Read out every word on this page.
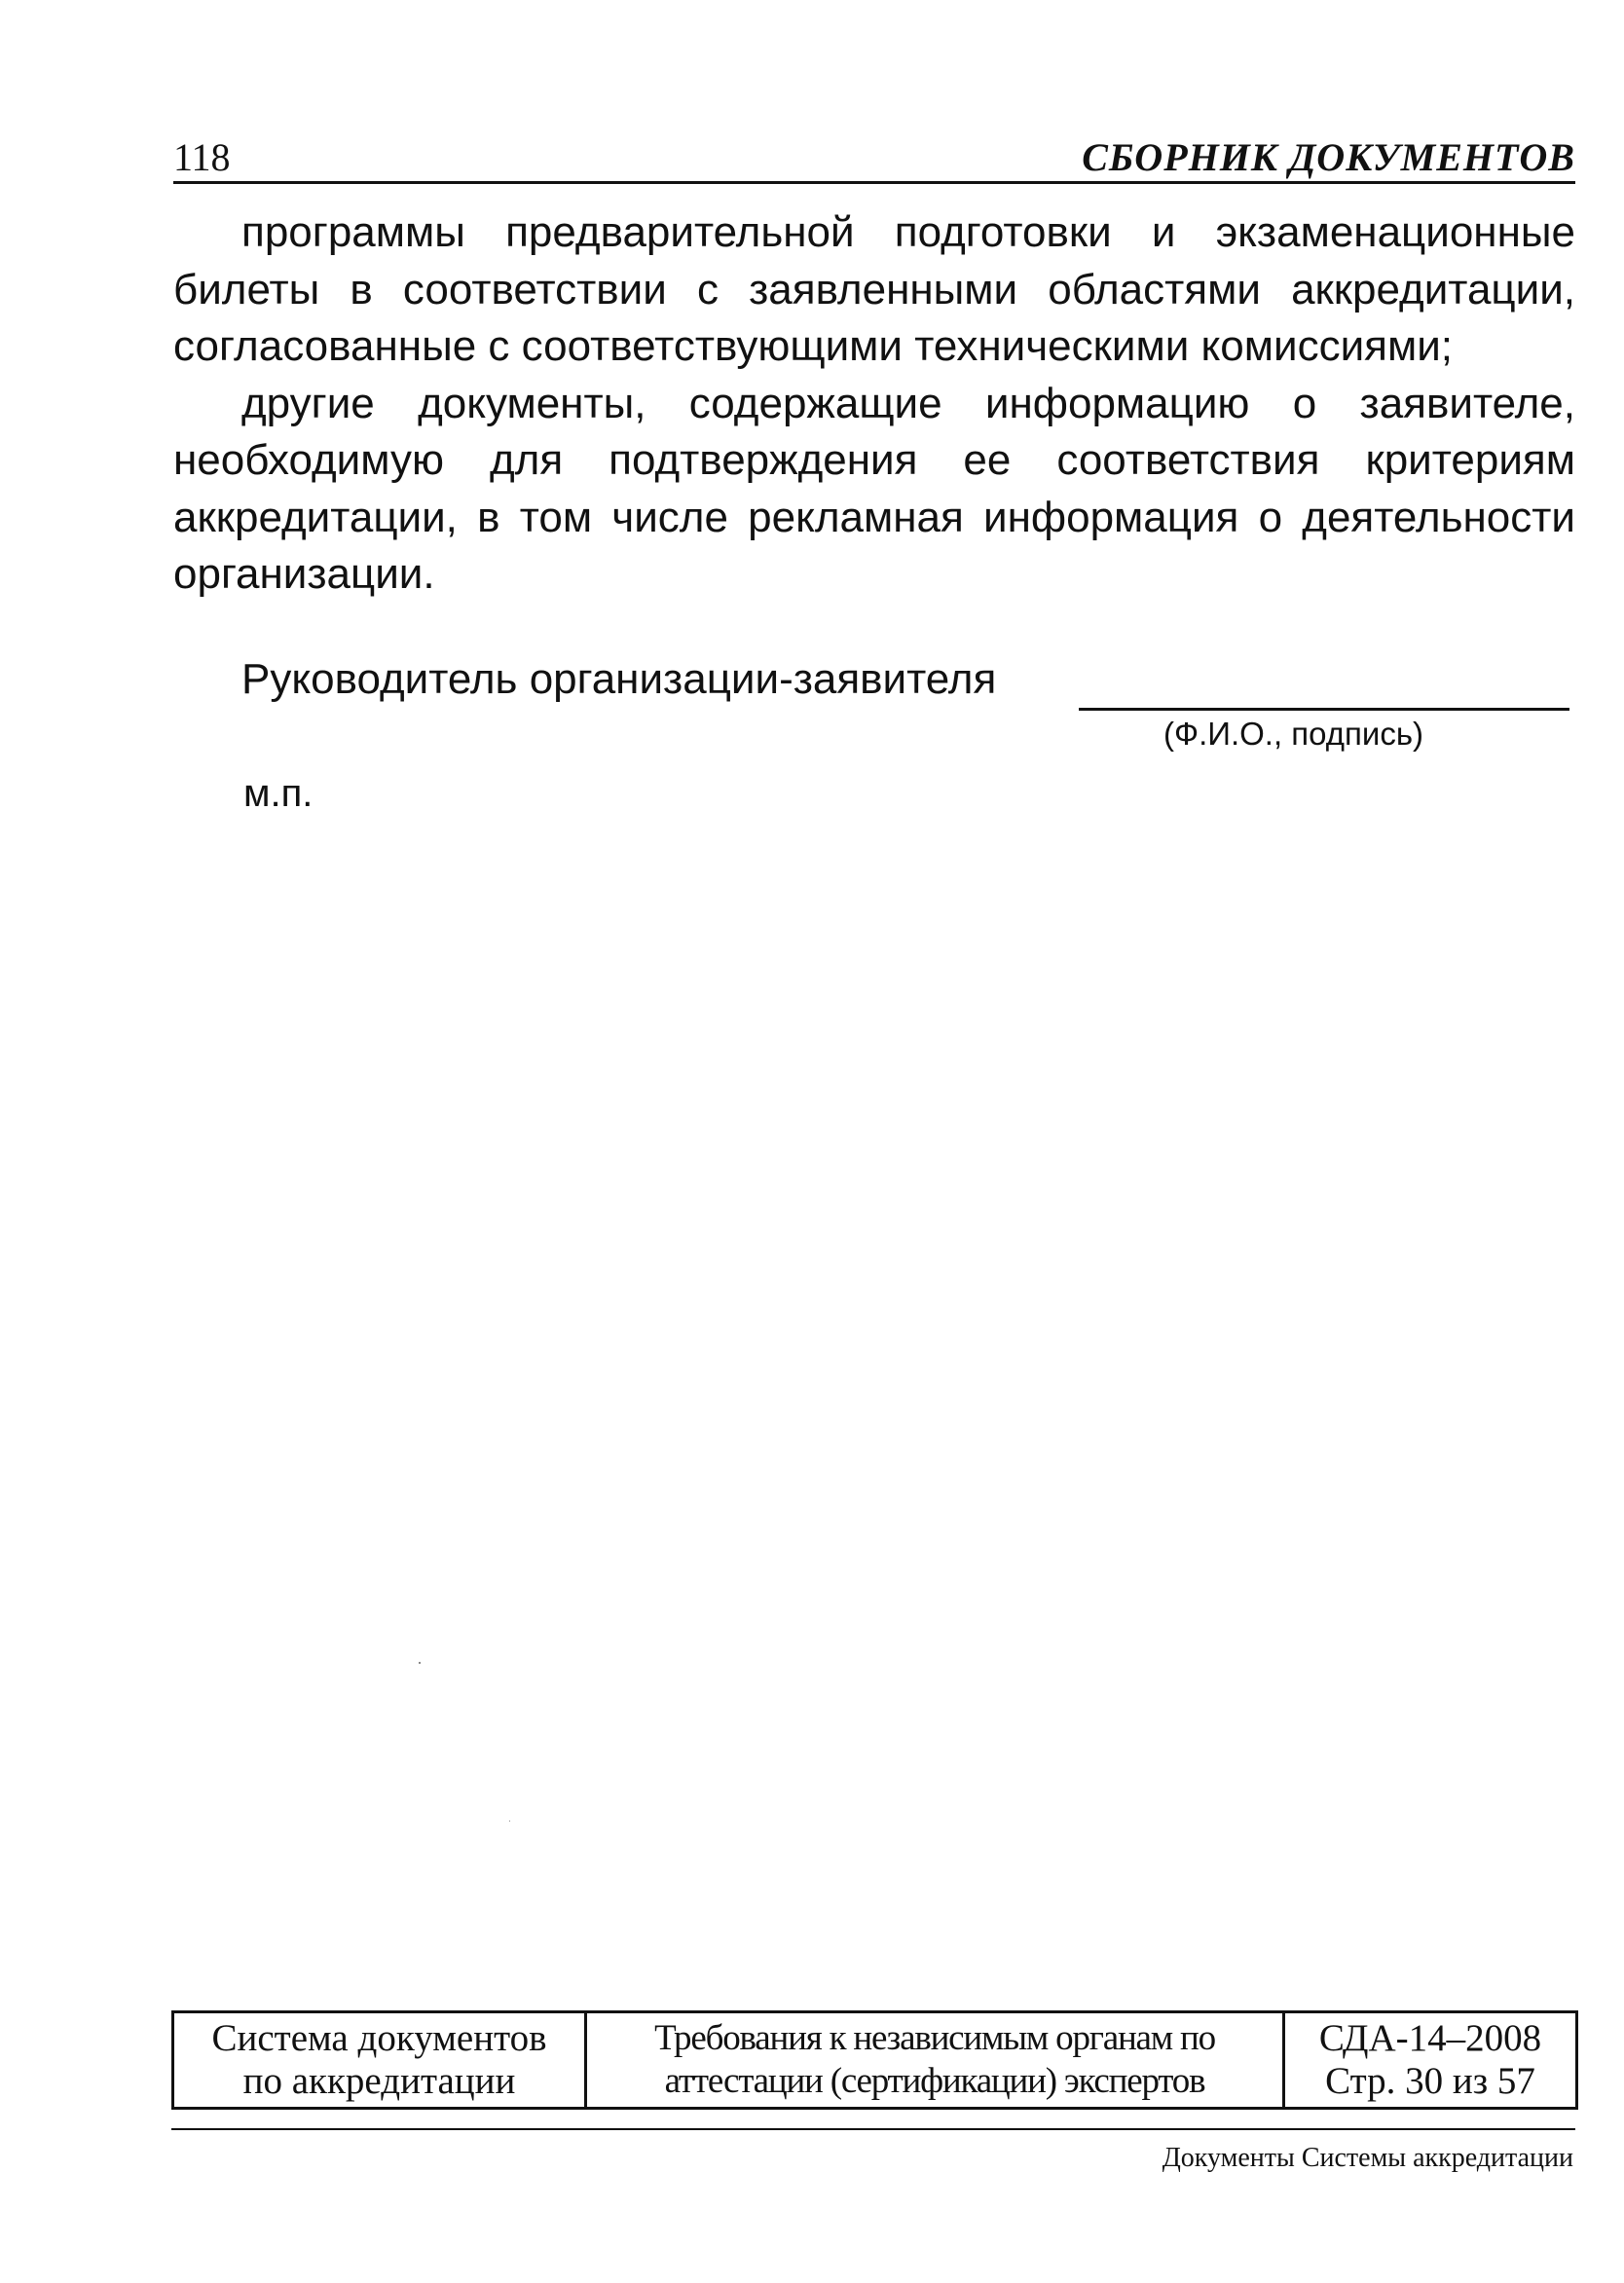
118	СБОРНИК ДОКУМЕНТОВ

программы предварительной подготовки и экзаменационные билеты в соответствии с заявленными областями аккредитации, согласованные с соответствующими техническими комиссиями;

другие документы, содержащие информацию о заявителе, необходимую для подтверждения ее соответствия критериям аккредитации, в том числе рекламная информация о деятельности организации.

Руководитель организации-заявителя
(Ф.И.О., подпись)
м.п.
Система документов
по аккредитации

Требования к независимым органам по
аттестации (сертификации) экспертов

СДА-14–2008
Стр. 30 из 57
Документы Системы аккредитации
